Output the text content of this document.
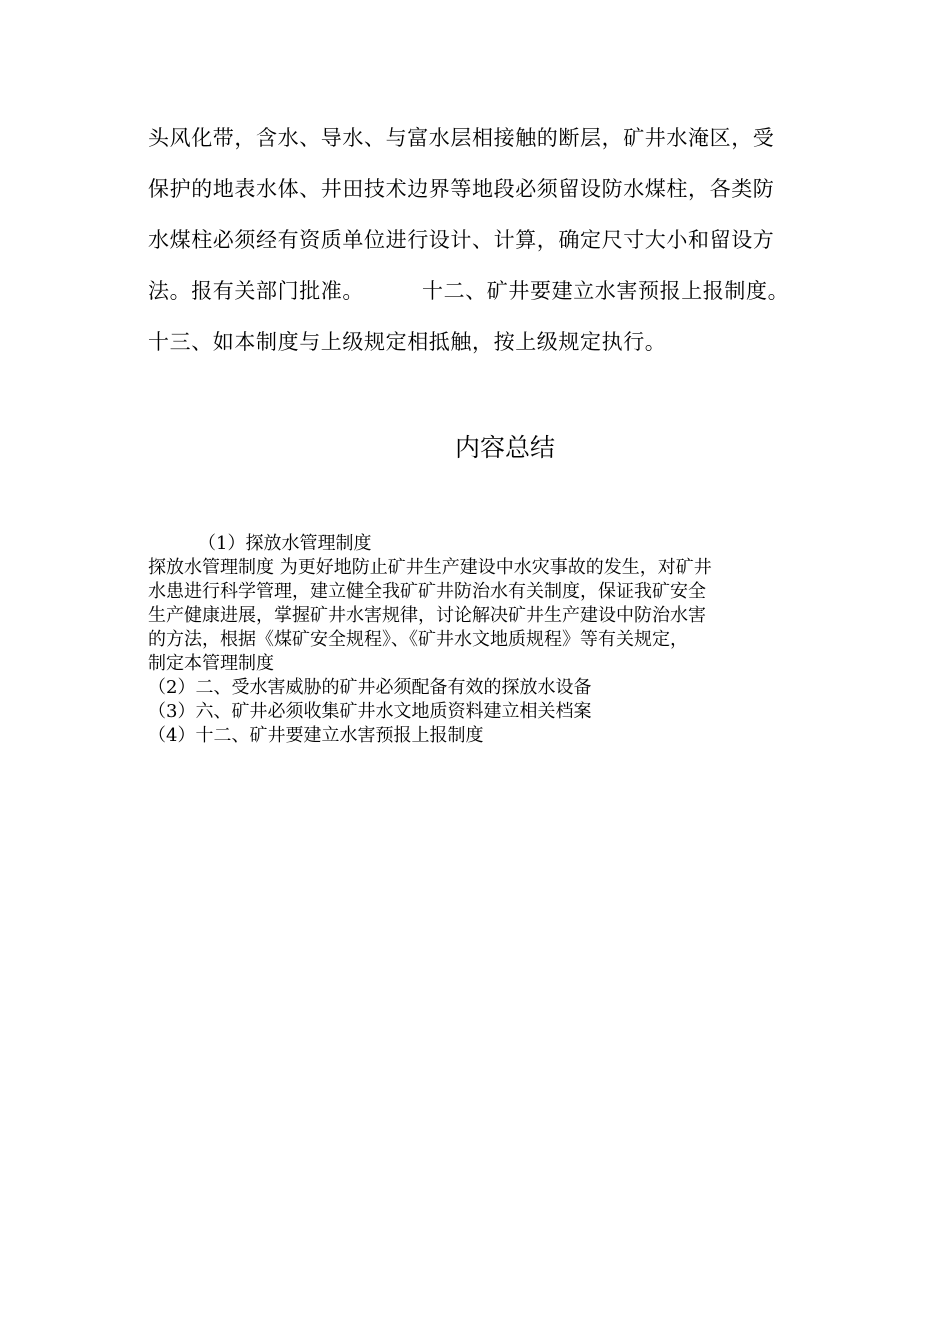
头风化带，含水、导水、与富水层相接触的断层，矿井水淹区，受
保护的地表水体、井田技术边界等地段必须留设防水煤柱，各类防
水煤柱必须经有资质单位进行设计、计算，确定尺寸大小和留设方
法。报有关部门批准。	十二、矿井要建立水害预报上报制度。
十三、如本制度与上级规定相抵触，按上级规定执行。
内容总结
（1）探放水管理制度
探放水管理制度 为更好地防止矿井生产建设中水灾事故的发生，对矿井
水患进行科学管理，建立健全我矿矿井防治水有关制度，保证我矿安全
生产健康进展，掌握矿井水害规律，讨论解决矿井生产建设中防治水害
的方法，根据《煤矿安全规程》、《矿井水文地质规程》等有关规定，
制定本管理制度
（2）二、受水害威胁的矿井必须配备有效的探放水设备
（3）六、矿井必须收集矿井水文地质资料建立相关档案
（4）十二、矿井要建立水害预报上报制度
